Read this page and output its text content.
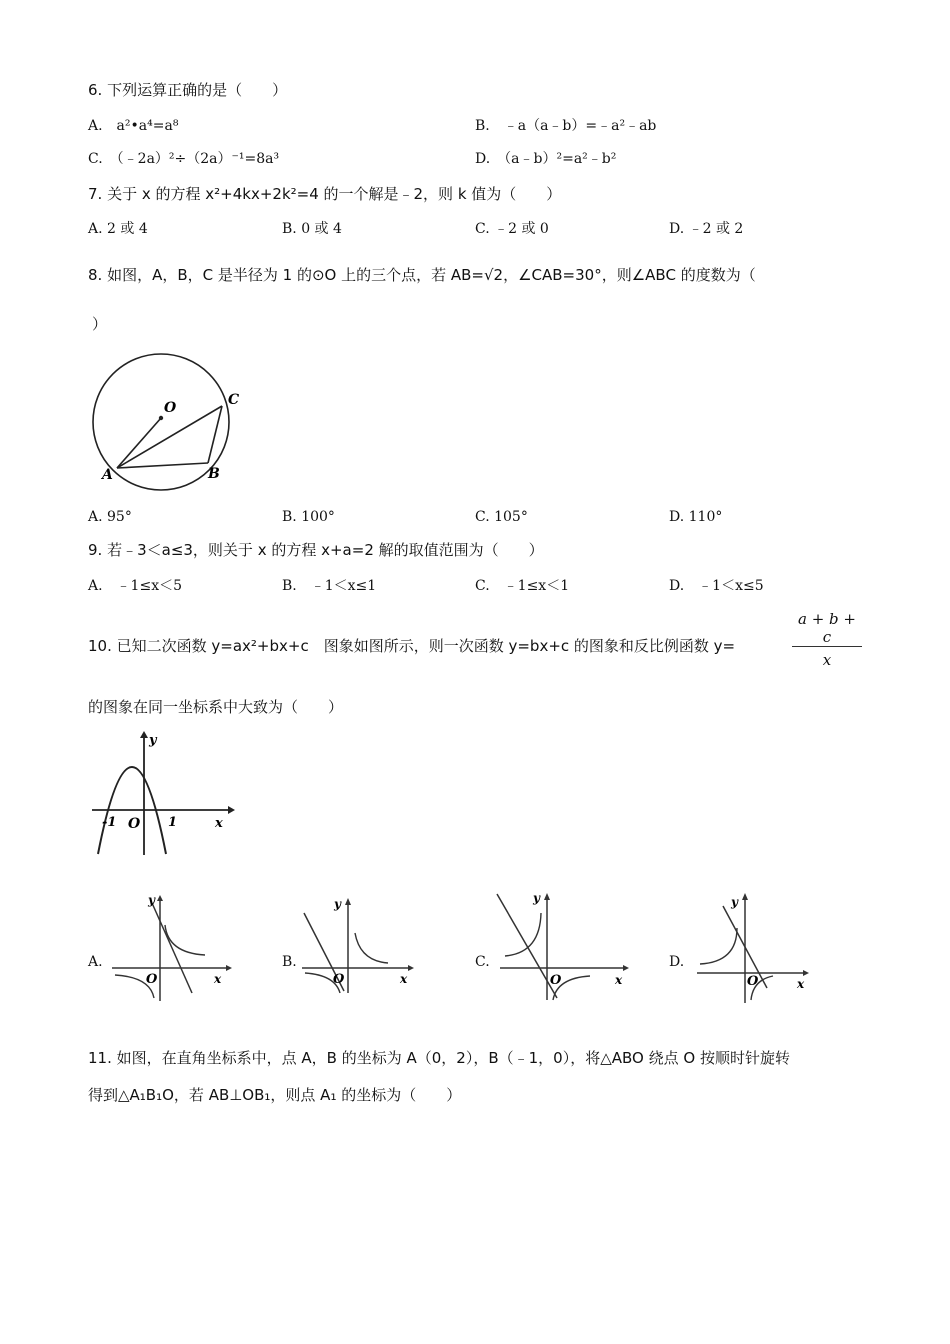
6. 下列运算正确的是（　　）
A.　a²•a⁴=a⁸	B.　﹣a（a﹣b）=﹣a²﹣ab
C.　（﹣2a）²÷（2a）⁻¹=8a³	D.　（a﹣b）²=a²﹣b²
7. 关于 x 的方程 x²+4kx+2k²=4 的一个解是﹣2，则 k 值为（　　）
A. 2 或 4	B. 0 或 4	C. ﹣2 或 0	D. ﹣2 或 2
8. 如图，A，B，C 是半径为 1 的⊙O 上的三个点，若 AB=√2，∠CAB=30°，则∠ABC 的度数为（
）
O
A	B
C
A. 95°	B. 100°	C. 105°	D. 110°
9. 若﹣3＜a≤3，则关于 x 的方程 x+a=2 解的取值范围为（　　）
A.　﹣1≤x＜5	B.　﹣1＜x≤1	C.　﹣1≤x＜1	D.　﹣1＜x≤5
10. 已知二次函数 y=ax²+bx+c　图象如图所示，则一次函数 y=bx+c 的图象和反比例函数 y=	$\frac{a + b + c}{x}$
的图象在同一坐标系中大致为（　　）
y
x
O
-1	1
A.	B.	C.	D.
y
x
O
y
x
O
y
x
O
y
x
O
11. 如图，在直角坐标系中，点 A，B 的坐标为 A（0，2），B（﹣1，0），将△ABO 绕点 O 按顺时针旋转
得到△A₁B₁O，若 AB⊥OB₁，则点 A₁ 的坐标为（　　）
